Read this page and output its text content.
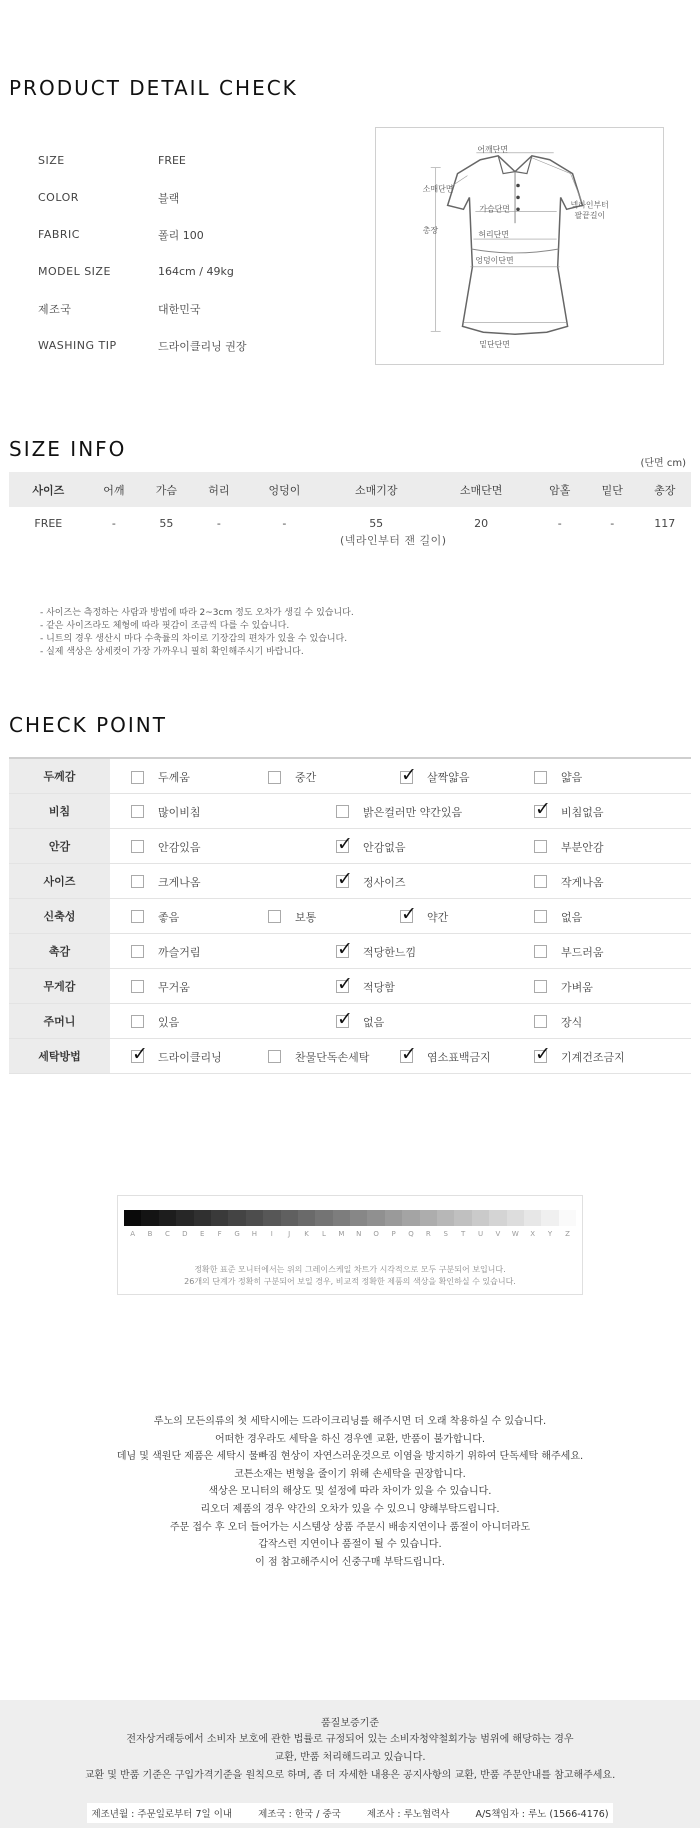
PRODUCT DETAIL CHECK
SIZE	FREE
COLOR	블랙
FABRIC	폴리 100
MODEL SIZE	164cm / 49kg
제조국	대한민국
WASHING TIP	드라이클리닝 권장
어깨단면
소매단면
가슴단면	넥라인부터
팔끝길이
총장	허리단면
엉덩이단면
밑단단면
SIZE INFO
(단면 cm)
사이즈	어깨	가슴	허리	엉덩이	소매기장	소매단면	암홀	밑단	총장
FREE	-	55	-	-	55	20	-	-	117
(넥라인부터 잰 길이)
- 사이즈는 측정하는 사람과 방법에 따라 2~3cm 정도 오차가 생길 수 있습니다.
- 같은 사이즈라도 체형에 따라 핏감이 조금씩 다를 수 있습니다.
- 니트의 경우 생산시 마다 수축률의 차이로 기장감의 편차가 있을 수 있습니다.
- 실제 색상은 상세컷이 가장 가까우니 필히 확인해주시기 바랍니다.
CHECK POINT
두께감	두께움 중간 ✓ 살짝얇음 얇음

비침	많이비침 밝은컬러만 약간있음 ✓ 비침없음

안감	안감있음 ✓ 안감없음 부분안감

사이즈	크게나옴 ✓ 정사이즈 작게나옴

신축성	좋음 보통 ✓ 약간 없음

촉감	까슬거림 ✓ 적당한느낌 부드러움

무게감	무거움 ✓ 적당함 가벼움

주머니	있음 ✓ 없음 장식

세탁방법	
✓드라이클리닝 찬물단독손세탁 ✓ 염소표백금지 ✓ 기계건조금지
A	B	C	D	E	F	G	H	I	J	K	L	M	N	O	P	Q	R	S	T	U	V	W	X	Y	Z
정확한 표준 모니터에서는 위의 그레이스케일 차트가 시각적으로 모두 구분되어 보입니다.
26개의 단계가 정확히 구분되어 보일 경우, 비교적 정확한 제품의 색상을 확인하실 수 있습니다.
루노의 모든의류의 첫 세탁시에는 드라이크리닝를 해주시면 더 오래 착용하실 수 있습니다.
어떠한 경우라도 세탁을 하신 경우엔 교환, 반품이 불가합니다.
데님 및 색원단 제품은 세탁시 물빠짐 현상이 자연스러운것으로 이염을 방지하기 위하여 단독세탁 해주세요.
코튼소재는 변형을 줄이기 위해 손세탁을 권장합니다.
색상은 모니터의 해상도 및 설정에 따라 차이가 있을 수 있습니다.
리오더 제품의 경우 약간의 오차가 있을 수 있으니 양해부탁드립니다.
주문 접수 후 오더 들어가는 시스템상 상품 주문시 배송지연이나 품절이 아니더라도
갑작스런 지연이나 품절이 될 수 있습니다.
이 점 참고해주시어 신중구매 부탁드립니다.
품질보증기준
전자상거래등에서 소비자 보호에 관한 법률로 규정되어 있는 소비자청약철회가능 범위에 해당하는 경우
교환, 반품 처리해드리고 있습니다.
교환 및 반품 기준은 구입가격기준을 원칙으로 하며, 좀 더 자세한 내용은 공지사항의 교환, 반품 주문안내를 참고해주세요.
제조년월 : 주문일로부터 7일 이내	제조국 : 한국 / 중국	제조사 : 루노협력사	A/S책임자 : 루노 (1566-4176)
